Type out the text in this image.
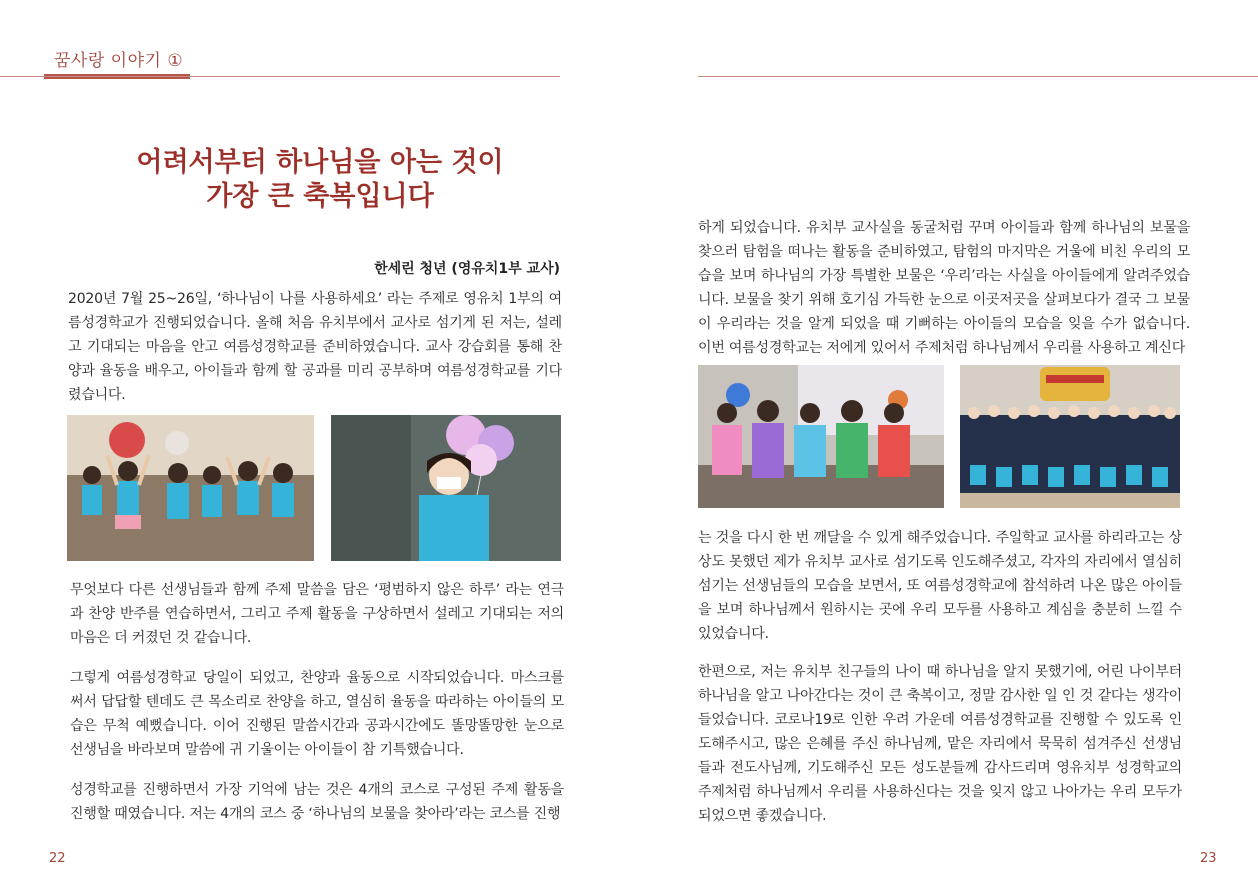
꿈사랑 이야기 ①
어려서부터 하나님을 아는 것이
가장 큰 축복입니다
한세린 청년 (영유치1부 교사)
2020년 7월 25~26일, ‘하나님이 나를 사용하세요’ 라는 주제로 영유치 1부의 여름성경학교가 진행되었습니다. 올해 처음 유치부에서 교사로 섬기게 된 저는, 설레고 기대되는 마음을 안고 여름성경학교를 준비하였습니다. 교사 강습회를 통해 찬양과 율동을 배우고, 아이들과 함께 할 공과를 미리 공부하며 여름성경학교를 기다렸습니다.
무엇보다 다른 선생님들과 함께 주제 말씀을 담은 ‘평범하지 않은 하루’ 라는 연극과 찬양 반주를 연습하면서, 그리고 주제 활동을 구상하면서 설레고 기대되는 저의 마음은 더 커졌던 것 같습니다.
그렇게 여름성경학교 당일이 되었고, 찬양과 율동으로 시작되었습니다. 마스크를 써서 답답할 텐데도 큰 목소리로 찬양을 하고, 열심히 율동을 따라하는 아이들의 모습은 무척 예뻤습니다. 이어 진행된 말씀시간과 공과시간에도 똘망똘망한 눈으로 선생님을 바라보며 말씀에 귀 기울이는 아이들이 참 기특했습니다.
성경학교를 진행하면서 가장 기억에 남는 것은 4개의 코스로 구성된 주제 활동을 진행할 때였습니다. 저는 4개의 코스 중 ‘하나님의 보물을 찾아라’라는 코스를 진행
22
하게 되었습니다. 유치부 교사실을 동굴처럼 꾸며 아이들과 함께 하나님의 보물을 찾으러 탐험을 떠나는 활동을 준비하였고, 탐험의 마지막은 거울에 비친 우리의 모습을 보며 하나님의 가장 특별한 보물은 ‘우리’라는 사실을 아이들에게 알려주었습니다. 보물을 찾기 위해 호기심 가득한 눈으로 이곳저곳을 살펴보다가 결국 그 보물이 우리라는 것을 알게 되었을 때 기뻐하는 아이들의 모습을 잊을 수가 없습니다. 이번 여름성경학교는 저에게 있어서 주제처럼 하나님께서 우리를 사용하고 계신다
는 것을 다시 한 번 깨달을 수 있게 해주었습니다. 주일학교 교사를 하리라고는 상상도 못했던 제가 유치부 교사로 섬기도록 인도해주셨고, 각자의 자리에서 열심히 섬기는 선생님들의 모습을 보면서, 또 여름성경학교에 참석하려 나온 많은 아이들을 보며 하나님께서 원하시는 곳에 우리 모두를 사용하고 계심을 충분히 느낄 수 있었습니다.
한편으로, 저는 유치부 친구들의 나이 때 하나님을 알지 못했기에, 어린 나이부터 하나님을 알고 나아간다는 것이 큰 축복이고, 정말 감사한 일 인 것 같다는 생각이 들었습니다. 코로나19로 인한 우려 가운데 여름성경학교를 진행할 수 있도록 인도해주시고, 많은 은혜를 주신 하나님께, 맡은 자리에서 묵묵히 섬겨주신 선생님들과 전도사님께, 기도해주신 모든 성도분들께 감사드리며 영유치부 성경학교의 주제처럼 하나님께서 우리를 사용하신다는 것을 잊지 않고 나아가는 우리 모두가 되었으면 좋겠습니다.
23
